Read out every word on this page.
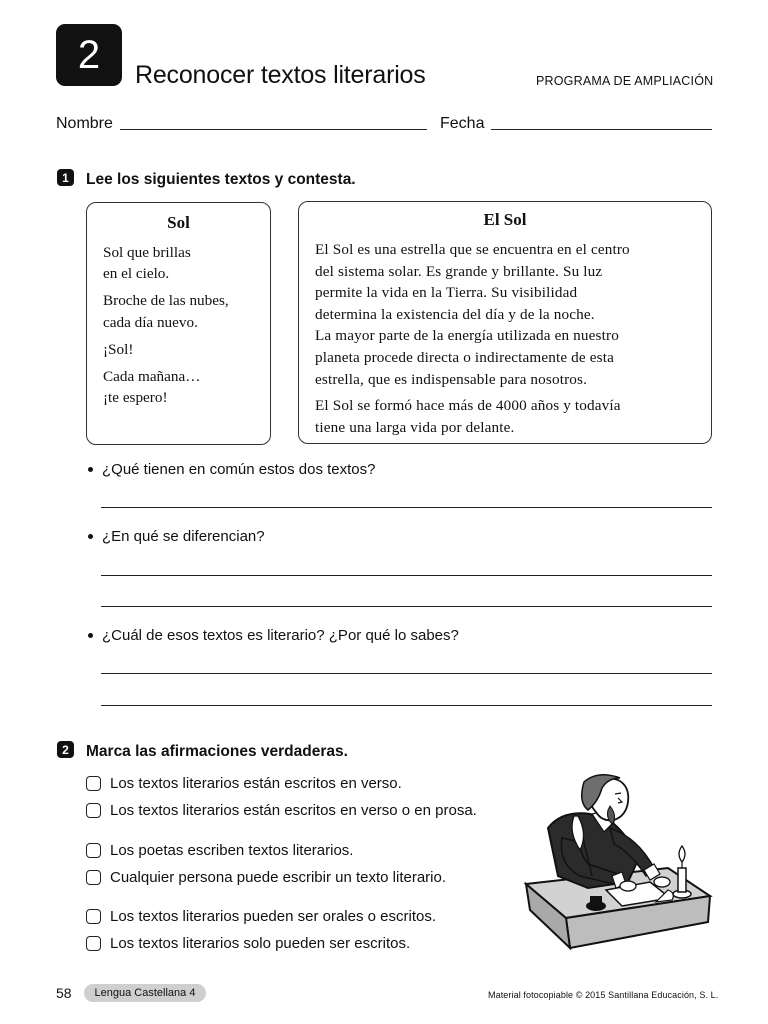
2 Reconocer textos literarios	PROGRAMA DE AMPLIACIÓN
Nombre	Fecha
1 Lee los siguientes textos y contesta.
Sol
Sol que brillas
en el cielo.
Broche de las nubes,
cada día nuevo.
¡Sol!
Cada mañana…
¡te espero!
El Sol
El Sol es una estrella que se encuentra en el centro
del sistema solar. Es grande y brillante. Su luz
permite la vida en la Tierra. Su visibilidad
determina la existencia del día y de la noche.
La mayor parte de la energía utilizada en nuestro
planeta procede directa o indirectamente de esta
estrella, que es indispensable para nosotros.
El Sol se formó hace más de 4000 años y todavía
tiene una larga vida por delante.
¿Qué tienen en común estos dos textos?
¿En qué se diferencian?
¿Cuál de esos textos es literario? ¿Por qué lo sabes?
2 Marca las afirmaciones verdaderas.
Los textos literarios están escritos en verso.
Los textos literarios están escritos en verso o en prosa.
Los poetas escriben textos literarios.
Cualquier persona puede escribir un texto literario.
Los textos literarios pueden ser orales o escritos.
Los textos literarios solo pueden ser escritos.
58 Lengua Castellana 4	Material fotocopiable © 2015 Santillana Educación, S. L.
